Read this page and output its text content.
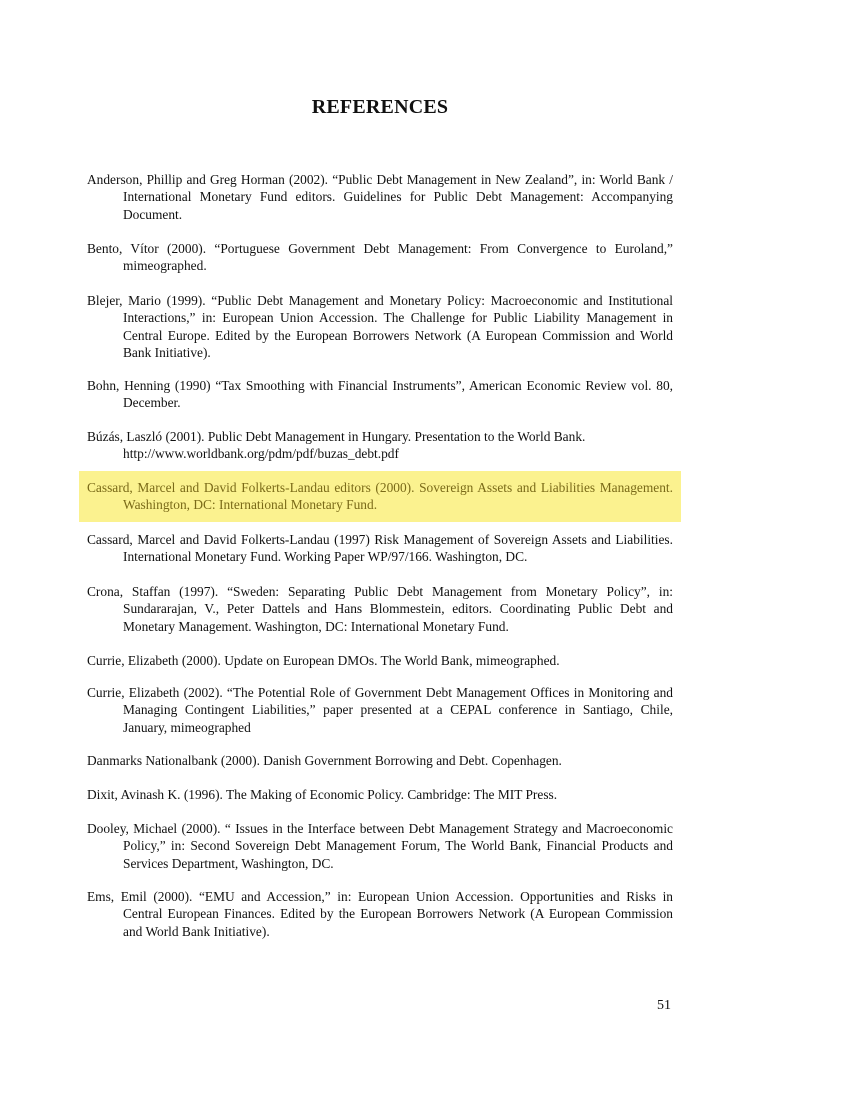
REFERENCES
Anderson, Phillip and Greg Horman (2002). “Public Debt Management in New Zealand”, in: World Bank / International Monetary Fund editors. Guidelines for Public Debt Management: Accompanying Document.
Bento, Vítor (2000). “Portuguese Government Debt Management: From Convergence to Euroland,” mimeographed.
Blejer, Mario (1999). “Public Debt Management and Monetary Policy: Macroeconomic and Institutional Interactions,” in: European Union Accession. The Challenge for Public Liability Management in Central Europe. Edited by the European Borrowers Network (A European Commission and World Bank Initiative).
Bohn, Henning (1990) “Tax Smoothing with Financial Instruments”, American Economic Review vol. 80, December.
Búzás, Laszló (2001). Public Debt Management in Hungary. Presentation to the World Bank. http://www.worldbank.org/pdm/pdf/buzas_debt.pdf
Cassard, Marcel and David Folkerts-Landau editors (2000). Sovereign Assets and Liabilities Management. Washington, DC: International Monetary Fund.
Cassard, Marcel and David Folkerts-Landau (1997) Risk Management of Sovereign Assets and Liabilities. International Monetary Fund. Working Paper WP/97/166. Washington, DC.
Crona, Staffan (1997). “Sweden: Separating Public Debt Management from Monetary Policy”, in: Sundararajan, V., Peter Dattels and Hans Blommestein, editors. Coordinating Public Debt and Monetary Management. Washington, DC: International Monetary Fund.
Currie, Elizabeth (2000). Update on European DMOs. The World Bank, mimeographed.
Currie, Elizabeth (2002). “The Potential Role of Government Debt Management Offices in Monitoring and Managing Contingent Liabilities,” paper presented at a CEPAL conference in Santiago, Chile, January, mimeographed
Danmarks Nationalbank (2000). Danish Government Borrowing and Debt. Copenhagen.
Dixit, Avinash K. (1996). The Making of Economic Policy. Cambridge: The MIT Press.
Dooley, Michael (2000). “ Issues in the Interface between Debt Management Strategy and Macroeconomic Policy,” in: Second Sovereign Debt Management Forum, The World Bank, Financial Products and Services Department, Washington, DC.
Ems, Emil (2000). “EMU and Accession,” in: European Union Accession. Opportunities and Risks in Central European Finances. Edited by the European Borrowers Network (A European Commission and World Bank Initiative).
51
